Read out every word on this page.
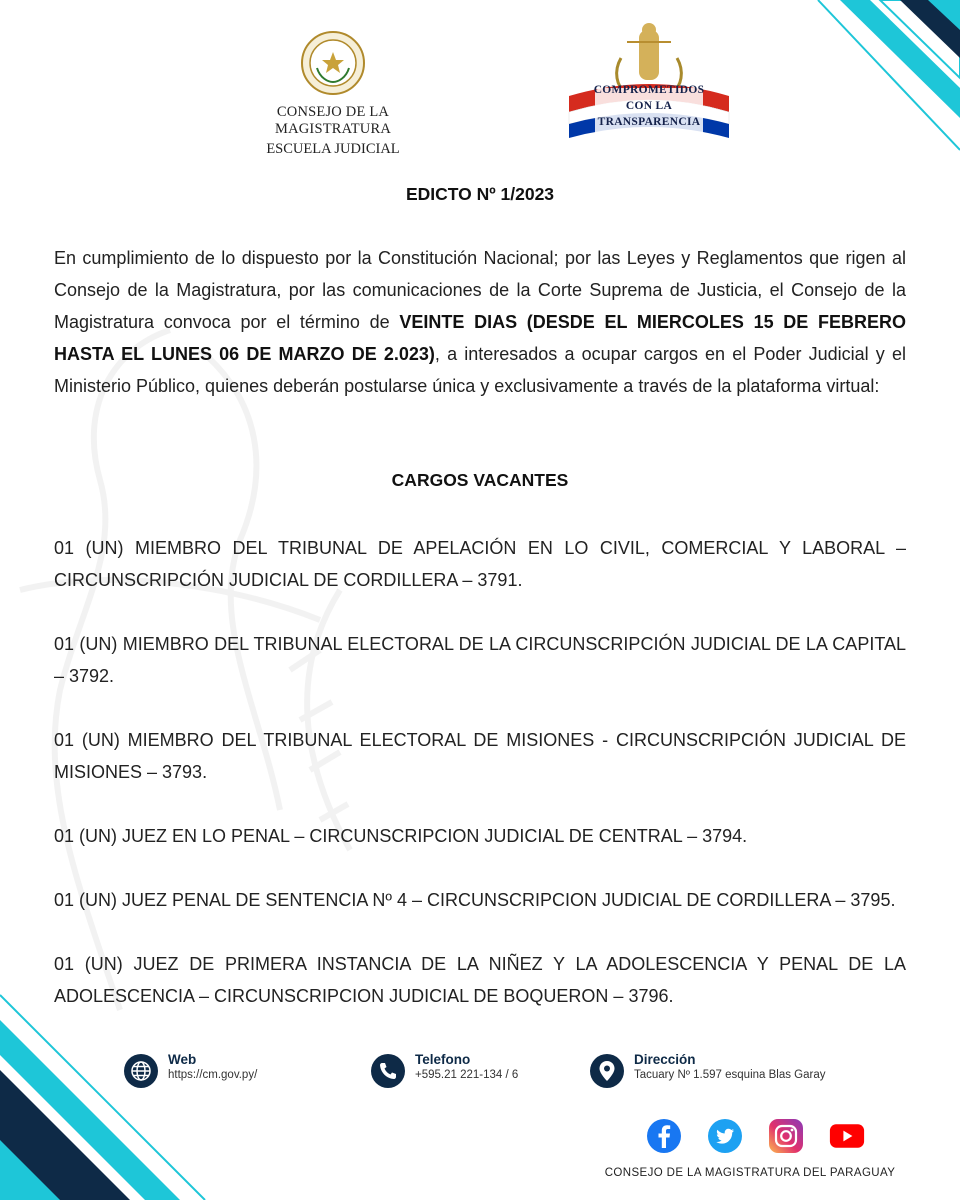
CONSEJO DE LA MAGISTRATURA
ESCUELA JUDICIAL
COMPROMETIDOS
CON LA
TRANSPARENCIA
EDICTO Nº 1/2023
En cumplimiento de lo dispuesto por la Constitución Nacional; por las Leyes y Reglamentos que rigen al Consejo de la Magistratura, por las comunicaciones de la Corte Suprema de Justicia, el Consejo de la Magistratura convoca por el término de VEINTE DIAS (DESDE EL MIERCOLES 15 DE FEBRERO HASTA EL LUNES 06 DE MARZO DE 2.023), a interesados a ocupar cargos en el Poder Judicial y el Ministerio Público, quienes deberán postularse única y exclusivamente a través de la plataforma virtual:
CARGOS VACANTES
01 (UN) MIEMBRO DEL TRIBUNAL DE APELACIÓN EN LO CIVIL, COMERCIAL Y LABORAL – CIRCUNSCRIPCIÓN JUDICIAL DE CORDILLERA – 3791.
01 (UN) MIEMBRO DEL TRIBUNAL ELECTORAL DE LA CIRCUNSCRIPCIÓN JUDICIAL DE LA CAPITAL – 3792.
01 (UN) MIEMBRO DEL TRIBUNAL ELECTORAL DE MISIONES - CIRCUNSCRIPCIÓN JUDICIAL DE MISIONES – 3793.
01 (UN) JUEZ EN LO PENAL – CIRCUNSCRIPCION JUDICIAL DE CENTRAL – 3794.
01 (UN) JUEZ PENAL DE SENTENCIA Nº 4 – CIRCUNSCRIPCION JUDICIAL DE CORDILLERA – 3795.
01 (UN) JUEZ DE PRIMERA INSTANCIA DE LA NIÑEZ Y LA ADOLESCENCIA Y PENAL DE LA ADOLESCENCIA – CIRCUNSCRIPCION JUDICIAL DE BOQUERON – 3796.
Web
https://cm.gov.py/
Telefono
+595.21 221-134 / 6
Dirección
Tacuary Nº 1.597 esquina Blas Garay
CONSEJO DE LA MAGISTRATURA DEL PARAGUAY
